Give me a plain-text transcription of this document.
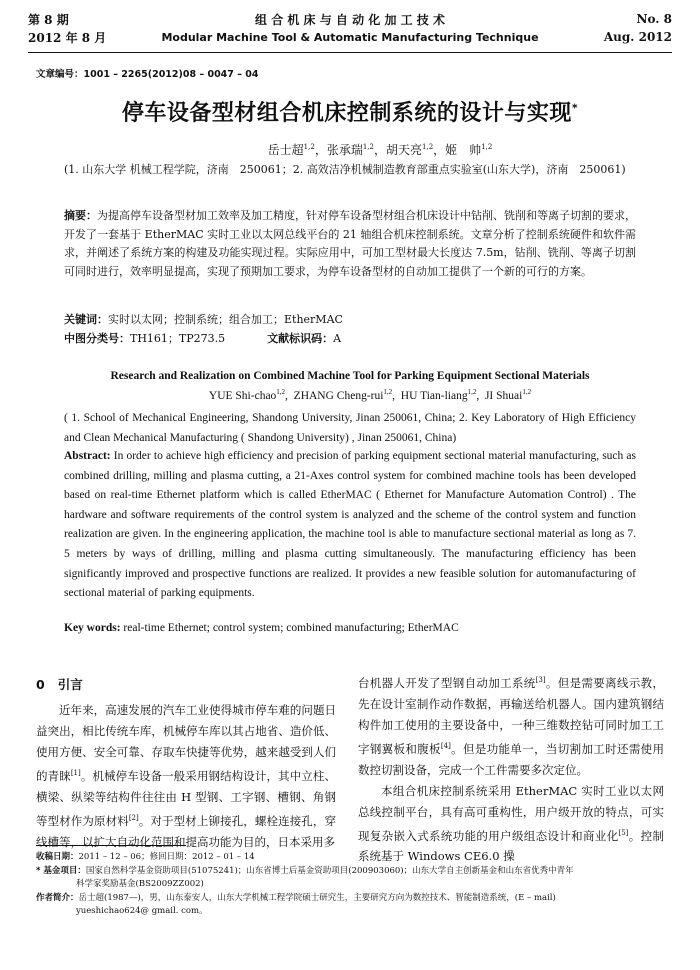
第 8 期	组 合 机 床 与 自 动 化 加 工 技 术	No. 8
2012 年 8 月	Modular Machine Tool & Automatic Manufacturing Technique	Aug. 2012
文章编号：1001 – 2265(2012)08 – 0047 – 04
停车设备型材组合机床控制系统的设计与实现*
岳士超$^{1,2}$，张承瑞$^{1,2}$，胡天亮$^{1,2}$，姬　帅$^{1,2}$
(1. 山东大学 机械工程学院，济南　250061；2. 高效洁净机械制造教育部重点实验室(山东大学)，济南　250061)
摘要：为提高停车设备型材加工效率及加工精度，针对停车设备型材组合机床设计中钻削、铣削和等离子切割的要求，开发了一套基于 EtherMAC 实时工业以太网总线平台的 21 轴组合机床控制系统。文章分析了控制系统硬件和软件需求，并阐述了系统方案的构建及功能实现过程。实际应用中，可加工型材最大长度达 7.5m，钻削、铣削、等离子切割可同时进行，效率明显提高，实现了预期加工要求，为停车设备型材的自动加工提供了一个新的可行的方案。
关键词：实时以太网；控制系统；组合加工；EtherMAC
中图分类号：TH161；TP273.5	文献标识码：A
Research and Realization on Combined Machine Tool for Parking Equipment Sectional Materials
YUE Shi-chao$^{1,2}$,  ZHANG Cheng-rui$^{1,2}$,  HU Tian-liang$^{1,2}$,  JI Shuai$^{1,2}$
( 1. School of Mechanical Engineering, Shandong University, Jinan 250061, China; 2. Key Laboratory of High Efficiency and Clean Mechanical Manufacturing ( Shandong University) , Jinan 250061, China)
Abstract: In order to achieve high efficiency and precision of parking equipment sectional material manufacturing, such as combined drilling, milling and plasma cutting, a 21-Axes control system for combined machine tools has been developed based on real-time Ethernet platform which is called EtherMAC ( Ethernet for Manufacture Automation Control) . The hardware and software requirements of the control system is analyzed and the scheme of the control system and function realization are given. In the engineering application, the machine tool is able to manufacture sectional material as long as 7. 5 meters by ways of drilling, milling and plasma cutting simultaneously. The manufacturing efficiency has been significantly improved and prospective functions are realized. It provides a new feasible solution for automanufacturing of sectional material of parking equipments.
Key words: real-time Ethernet; control system; combined manufacturing; EtherMAC
0 引言

近年来，高速发展的汽车工业使得城市停车难的问题日益突出，相比传统车库，机械停车库以其占地省、造价低、使用方便、安全可靠、存取车快捷等优势，越来越受到人们的青睐[1]。机械停车设备一般采用钢结构设计，其中立柱、横梁、纵梁等结构件往往由 H 型钢、工字钢、槽钢、角钢等型材作为原材料[2]。对于型材上铆接孔，螺栓连接孔，穿线槽等，以扩大自动化范围和提高功能为目的，日本采用多

台机器人开发了型钢自动加工系统[3]。但是需要离线示教，先在设计室制作动作数据，再输送给机器人。国内建筑钢结构件加工使用的主要设备中，一种三维数控钻可同时加工工字钢翼板和腹板[4]。但是功能单一，当切割加工时还需使用数控切割设备，完成一个工件需要多次定位。

本组合机床控制系统采用 EtherMAC 实时工业以太网总线控制平台，具有高可重构性，用户级开放的特点，可实现复杂嵌入式系统功能的用户级组态设计和商业化[5]。控制系统基于 Windows CE6.0 操

收稿日期：2011 – 12 – 06；修回日期：2012 – 01 – 14
* 基金项目：国家自然科学基金资助项目(51075241)；山东省博士后基金资助项目(200903060)；山东大学自主创新基金和山东省优秀中青年
科学家奖励基金(BS2009ZZ002)
作者简介：岳士超(1987—)，男，山东泰安人，山东大学机械工程学院硕士研究生，主要研究方向为数控技术、智能制造系统，(E – mail)
yueshichao624@ gmail. com。
